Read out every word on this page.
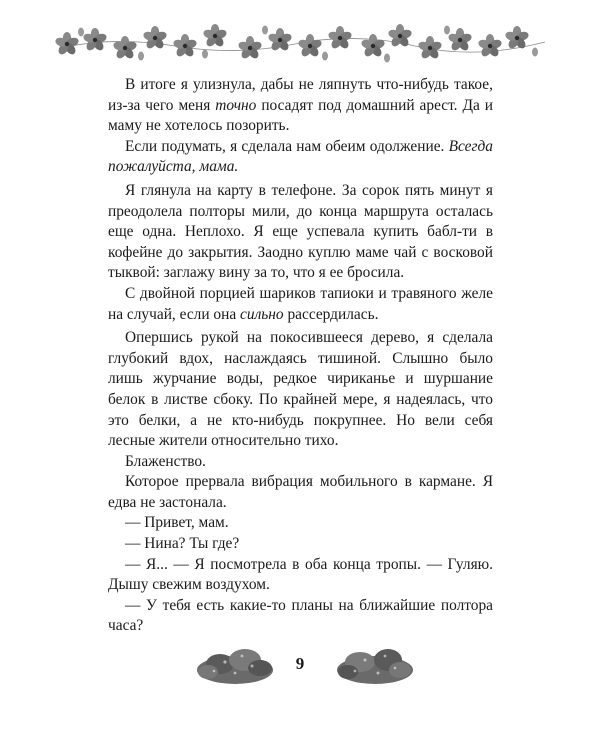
В итоге я улизнула, дабы не ляпнуть что-нибудь такое, из-за чего меня точно посадят под домашний арест. Да и маму не хотелось позорить.

Если подумать, я сделала нам обеим одолжение. Всегда пожалуйста, мама.

Я глянула на карту в телефоне. За сорок пять минут я преодолела полторы мили, до конца маршрута осталась еще одна. Неплохо. Я еще успевала купить бабл-ти в кофейне до закрытия. Заодно куплю маме чай с восковой тыквой: заглажу вину за то, что я ее бросила.

С двойной порцией шариков тапиоки и травяного желе на случай, если она сильно рассердилась.

Опершись рукой на покосившееся дерево, я сделала глубокий вдох, наслаждаясь тишиной. Слышно было лишь журчание воды, редкое чириканье и шуршание белок в листве сбоку. По крайней мере, я надеялась, что это белки, а не кто-нибудь покрупнее. Но вели себя лесные жители относительно тихо.

Блаженство.

Которое прервала вибрация мобильного в кармане. Я едва не застонала.

— Привет, мам.

— Нина? Ты где?

— Я... — Я посмотрела в оба конца тропы. — Гуляю. Дышу свежим воздухом.

— У тебя есть какие-то планы на ближайшие полтора часа?

9
